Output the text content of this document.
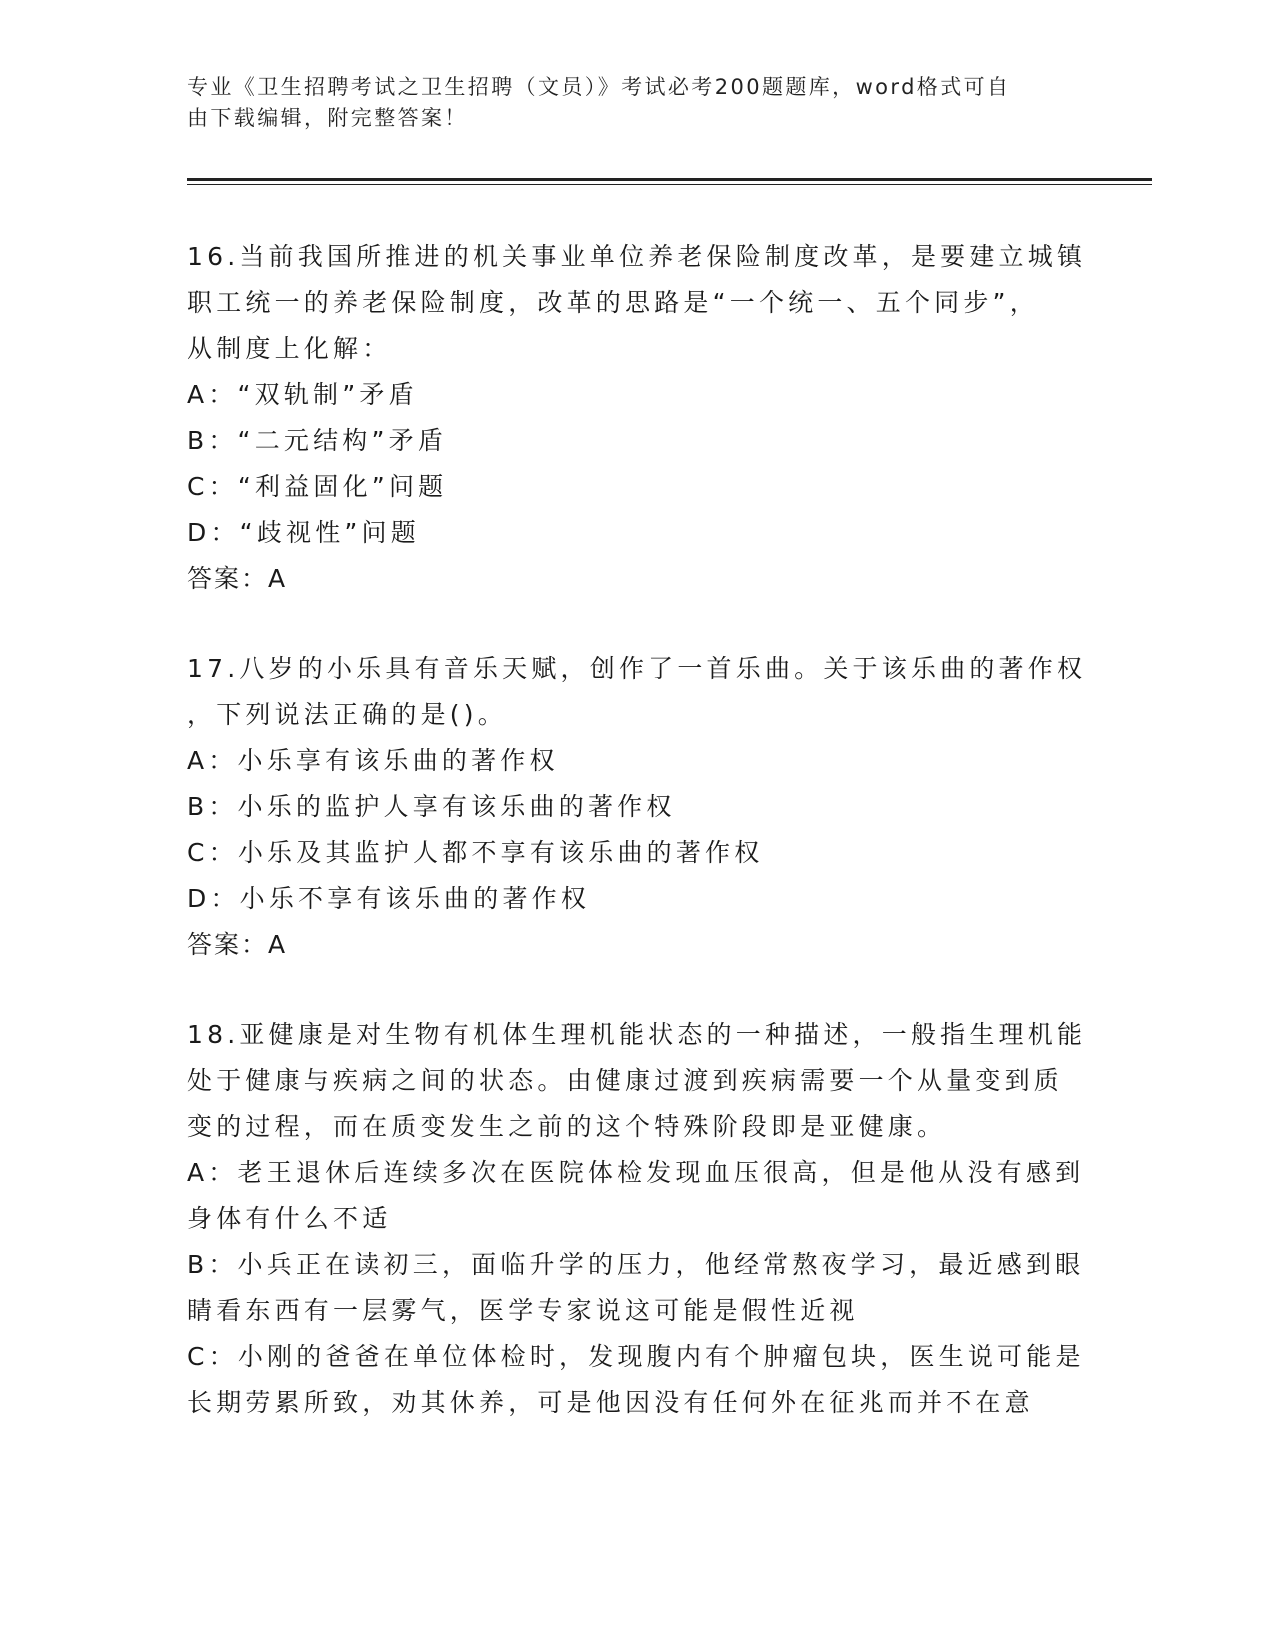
专业《卫生招聘考试之卫生招聘（文员）》考试必考200题题库，word格式可自
由下载编辑，附完整答案！
16.当前我国所推进的机关事业单位养老保险制度改革，是要建立城镇
职工统一的养老保险制度，改革的思路是“一个统一、五个同步”，
从制度上化解：
A：“双轨制”矛盾
B：“二元结构”矛盾
C：“利益固化”问题
D：“歧视性”问题
答案：A
17.八岁的小乐具有音乐天赋，创作了一首乐曲。关于该乐曲的著作权
，下列说法正确的是()。
A：小乐享有该乐曲的著作权
B：小乐的监护人享有该乐曲的著作权
C：小乐及其监护人都不享有该乐曲的著作权
D：小乐不享有该乐曲的著作权
答案：A
18.亚健康是对生物有机体生理机能状态的一种描述，一般指生理机能
处于健康与疾病之间的状态。由健康过渡到疾病需要一个从量变到质
变的过程，而在质变发生之前的这个特殊阶段即是亚健康。
A：老王退休后连续多次在医院体检发现血压很高，但是他从没有感到
身体有什么不适
B：小兵正在读初三，面临升学的压力，他经常熬夜学习，最近感到眼
睛看东西有一层雾气，医学专家说这可能是假性近视
C：小刚的爸爸在单位体检时，发现腹内有个肿瘤包块，医生说可能是
长期劳累所致，劝其休养，可是他因没有任何外在征兆而并不在意
